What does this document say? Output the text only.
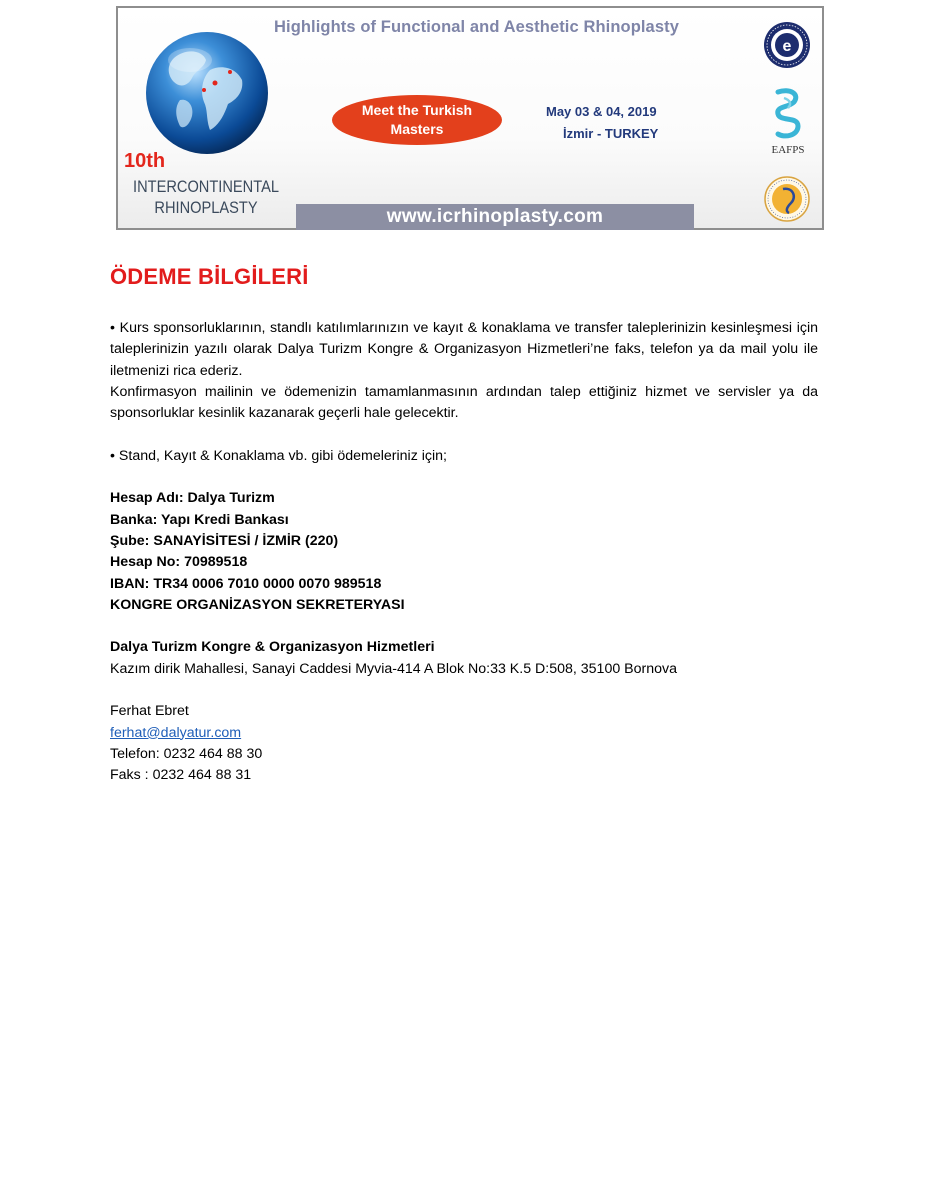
Highlights of Functional and Aesthetic Rhinoplasty
Meet the Turkish
Masters
May 03 & 04, 2019
İzmir - TURKEY
10th
INTERCONTINENTAL
RHINOPLASTY	www.icrhinoplasty.com
e
EAFPS
ÖDEME BİLGİLERİ

• Kurs sponsorluklarının, standlı katılımlarınızın ve kayıt & konaklama ve transfer taleplerinizin kesinleşmesi için taleplerinizin yazılı olarak Dalya Turizm Kongre & Organizasyon Hizmetleri’ne faks, telefon ya da mail yolu ile iletmenizi rica ederiz.

Konfirmasyon mailinin ve ödemenizin tamamlanmasının ardından talep ettiğiniz hizmet ve servisler ya da sponsorluklar kesinlik kazanarak geçerli hale gelecektir.

• Stand, Kayıt & Konaklama vb. gibi ödemeleriniz için;

Hesap Adı: Dalya Turizm

Banka: Yapı Kredi Bankası

Şube: SANAYİSİTESİ / İZMİR (220)

Hesap No: 70989518

IBAN: TR34 0006 7010 0000 0070 989518

KONGRE ORGANİZASYON SEKRETERYASI

Dalya Turizm Kongre & Organizasyon Hizmetleri

Kazım dirik Mahallesi, Sanayi Caddesi Myvia-414 A Blok No:33 K.5 D:508, 35100 Bornova

Ferhat Ebret

ferhat@dalyatur.com

Telefon: 0232 464 88 30

Faks : 0232 464 88 31
